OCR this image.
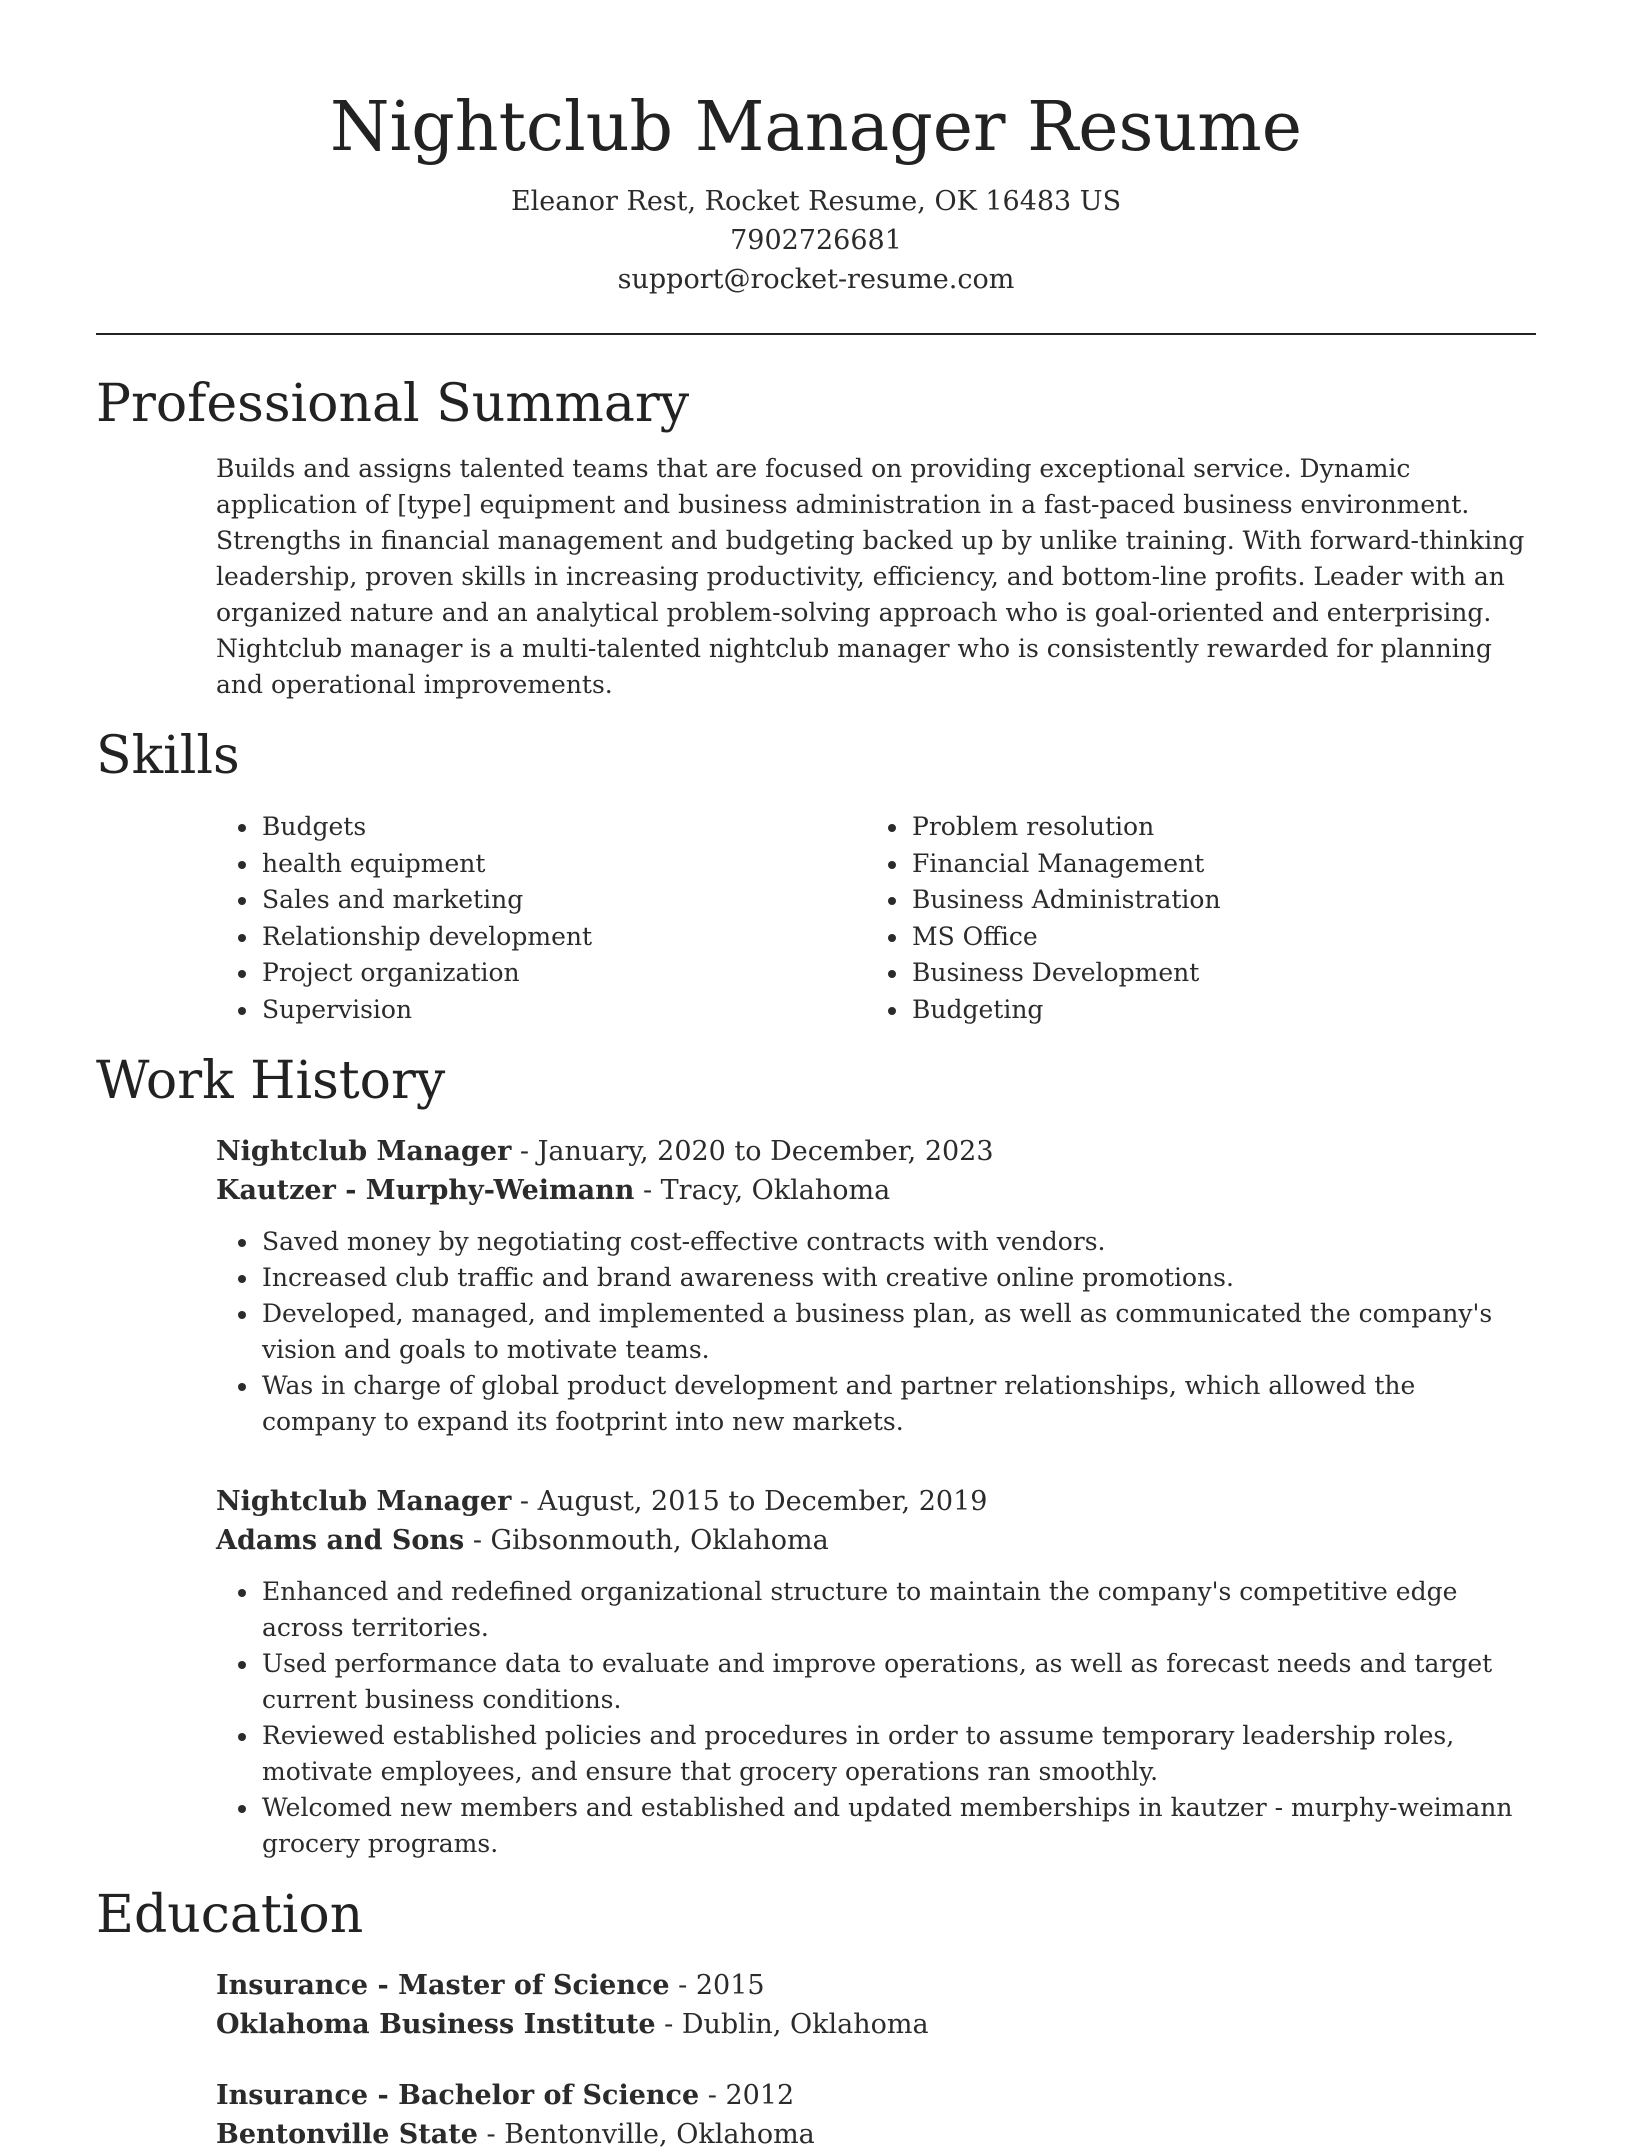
Nightclub Manager Resume
Eleanor Rest, Rocket Resume, OK 16483 US
7902726681
support@rocket-resume.com
Professional Summary

Builds and assigns talented teams that are focused on providing exceptional service. Dynamic application of [type] equipment and business administration in a fast-paced business environment. Strengths in financial management and budgeting backed up by unlike training. With forward-thinking leadership, proven skills in increasing productivity, efficiency, and bottom-line profits. Leader with an organized nature and an analytical problem-solving approach who is goal-oriented and enterprising. Nightclub manager is a multi-talented nightclub manager who is consistently rewarded for planning and operational improvements.

Skills
• Budgets
• health equipment
• Sales and marketing
• Relationship development
• Project organization
• Supervision
• Problem resolution
• Financial Management
• Business Administration
• MS Office
• Business Development
• Budgeting
Work History
Nightclub Manager - January, 2020 to December, 2023
Kautzer - Murphy-Weimann - Tracy, Oklahoma
• Saved money by negotiating cost-effective contracts with vendors.
• Increased club traffic and brand awareness with creative online promotions.
• Developed, managed, and implemented a business plan, as well as communicated the company's vision and goals to motivate teams.
• Was in charge of global product development and partner relationships, which allowed the company to expand its footprint into new markets.
Nightclub Manager - August, 2015 to December, 2019
Adams and Sons - Gibsonmouth, Oklahoma
• Enhanced and redefined organizational structure to maintain the company's competitive edge across territories.
• Used performance data to evaluate and improve operations, as well as forecast needs and target current business conditions.
• Reviewed established policies and procedures in order to assume temporary leadership roles, motivate employees, and ensure that grocery operations ran smoothly.
• Welcomed new members and established and updated memberships in kautzer - murphy-weimann grocery programs.
Education
Insurance - Master of Science - 2015
Oklahoma Business Institute - Dublin, Oklahoma
Insurance - Bachelor of Science - 2012
Bentonville State - Bentonville, Oklahoma
